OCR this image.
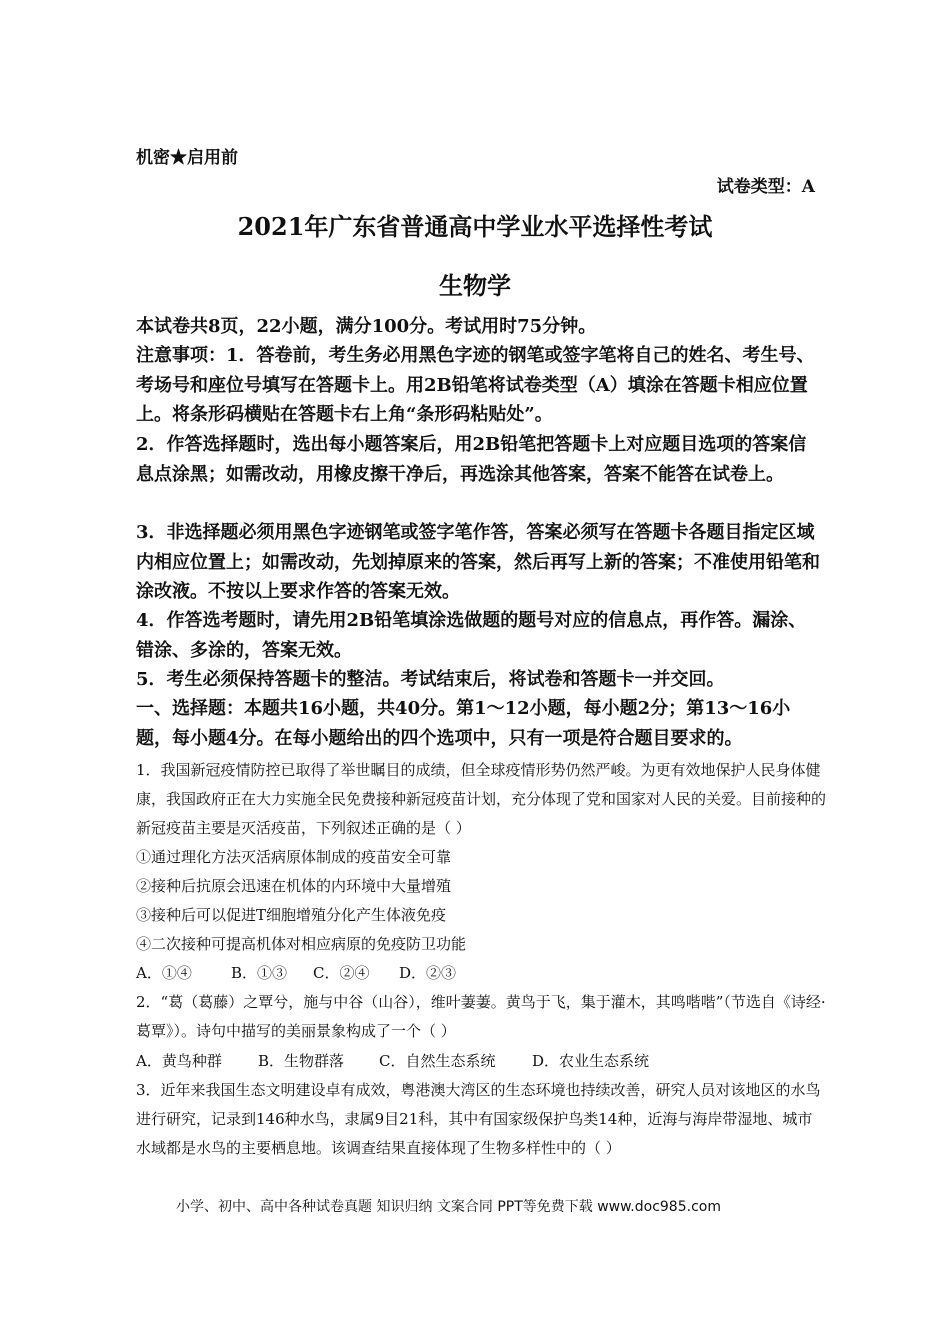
机密★启用前
试卷类型：A
2021年广东省普通高中学业水平选择性考试
生物学
本试卷共8页，22小题，满分100分。考试用时75分钟。
注意事项：1．答卷前，考生务必用黑色字迹的钢笔或签字笔将自己的姓名、考生号、考场号和座位号填写在答题卡上。用2B铅笔将试卷类型（A）填涂在答题卡相应位置上。将条形码横贴在答题卡右上角“条形码粘贴处”。
2．作答选择题时，选出每小题答案后，用2B铅笔把答题卡上对应题目选项的答案信息点涂黑；如需改动，用橡皮擦干净后，再选涂其他答案，答案不能答在试卷上。
3．非选择题必须用黑色字迹钢笔或签字笔作答，答案必须写在答题卡各题目指定区域内相应位置上；如需改动，先划掉原来的答案，然后再写上新的答案；不准使用铅笔和涂改液。不按以上要求作答的答案无效。
4．作答选考题时，请先用2B铅笔填涂选做题的题号对应的信息点，再作答。漏涂、错涂、多涂的，答案无效。
5．考生必须保持答题卡的整洁。考试结束后，将试卷和答题卡一并交回。
一、选择题：本题共16小题，共40分。第1～12小题，每小题2分；第13～16小题，每小题4分。在每小题给出的四个选项中，只有一项是符合题目要求的。
1．我国新冠疫情防控已取得了举世瞩目的成绩，但全球疫情形势仍然严峻。为更有效地保护人民身体健康，我国政府正在大力实施全民免费接种新冠疫苗计划，充分体现了党和国家对人民的关爱。目前接种的新冠疫苗主要是灭活疫苗，下列叙述正确的是（ ）
①通过理化方法灭活病原体制成的疫苗安全可靠
②接种后抗原会迅速在机体的内环境中大量增殖
③接种后可以促进T细胞增殖分化产生体液免疫
④二次接种可提高机体对相应病原的免疫防卫功能
A．①④	B．①③ C．②④ D．②③
2．“葛（葛藤）之覃兮，施与中谷（山谷），维叶萋萋。黄鸟于飞，集于灌木，其鸣喈喈”（节选自《诗经·葛覃》）。诗句中描写的美丽景象构成了一个（ ）
A．黄鸟种群 B．生物群落 C．自然生态系统 D．农业生态系统
3．近年来我国生态文明建设卓有成效，粤港澳大湾区的生态环境也持续改善，研究人员对该地区的水鸟进行研究，记录到146种水鸟，隶属9目21科，其中有国家级保护鸟类14种，近海与海岸带湿地、城市水域都是水鸟的主要栖息地。该调查结果直接体现了生物多样性中的（ ）
小学、初中、高中各种试卷真题 知识归纳 文案合同 PPT等免费下载 www.doc985.com
